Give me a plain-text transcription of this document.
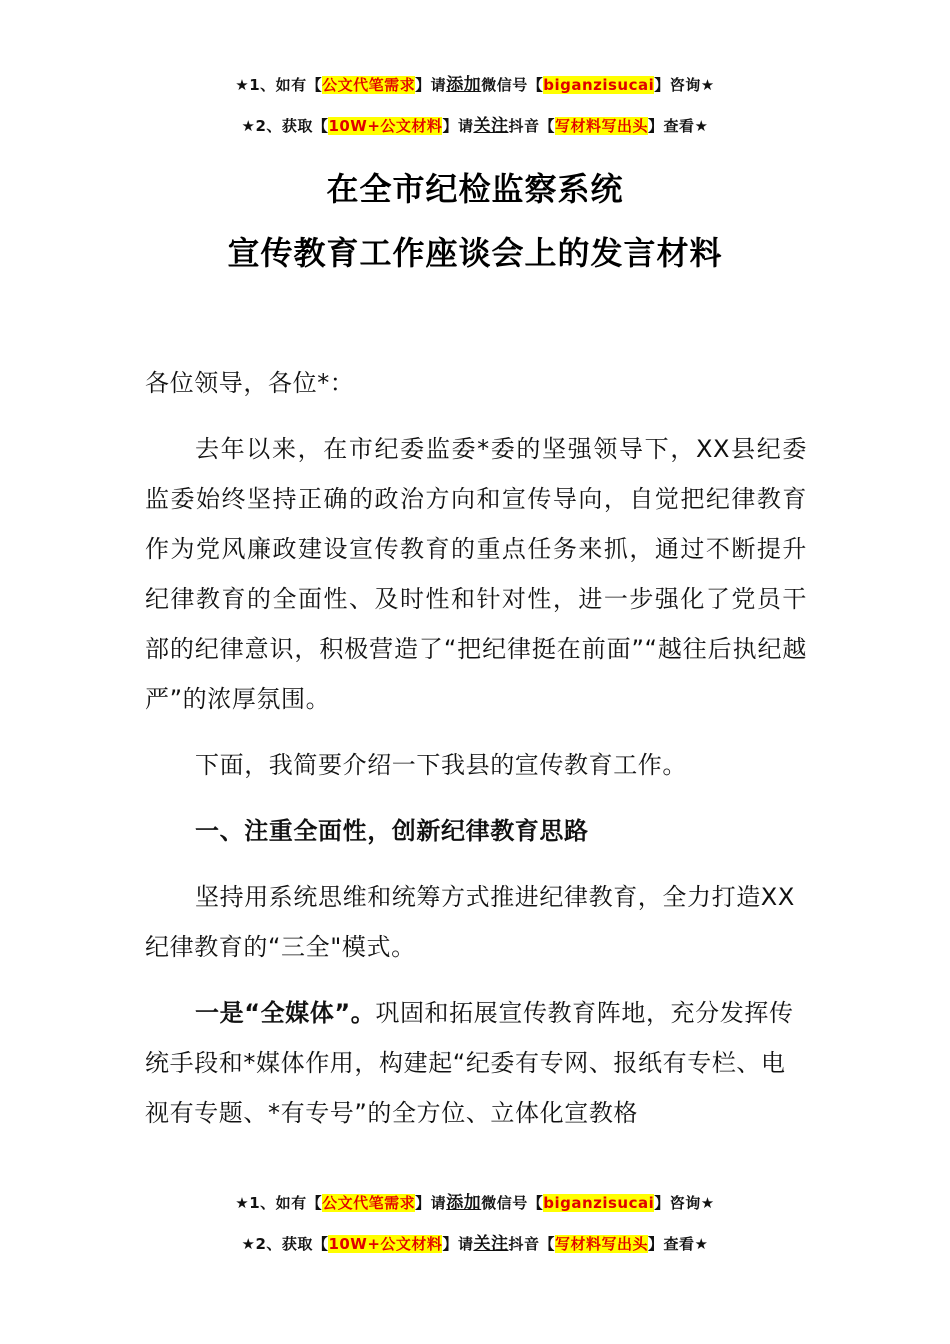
★1、如有【公文代笔需求】请添加微信号【biganzisucai】咨询★
★2、获取【10W+公文材料】请关注抖音【写材料写出头】查看★
在全市纪检监察系统
宣传教育工作座谈会上的发言材料

各位领导，各位*：

去年以来，在市纪委监委*委的坚强领导下，XX县纪委监委始终坚持正确的政治方向和宣传导向，自觉把纪律教育作为党风廉政建设宣传教育的重点任务来抓，通过不断提升纪律教育的全面性、及时性和针对性，进一步强化了党员干部的纪律意识，积极营造了“把纪律挺在前面”“越往后执纪越严”的浓厚氛围。

下面，我简要介绍一下我县的宣传教育工作。

一、注重全面性，创新纪律教育思路

坚持用系统思维和统筹方式推进纪律教育，全力打造XX纪律教育的“三全"模式。

一是“全媒体”。巩固和拓展宣传教育阵地，充分发挥传统手段和*媒体作用，构建起“纪委有专网、报纸有专栏、电视有专题、*有专号”的全方位、立体化宣教格

★1、如有【公文代笔需求】请添加微信号【biganzisucai】咨询★
★2、获取【10W+公文材料】请关注抖音【写材料写出头】查看★
